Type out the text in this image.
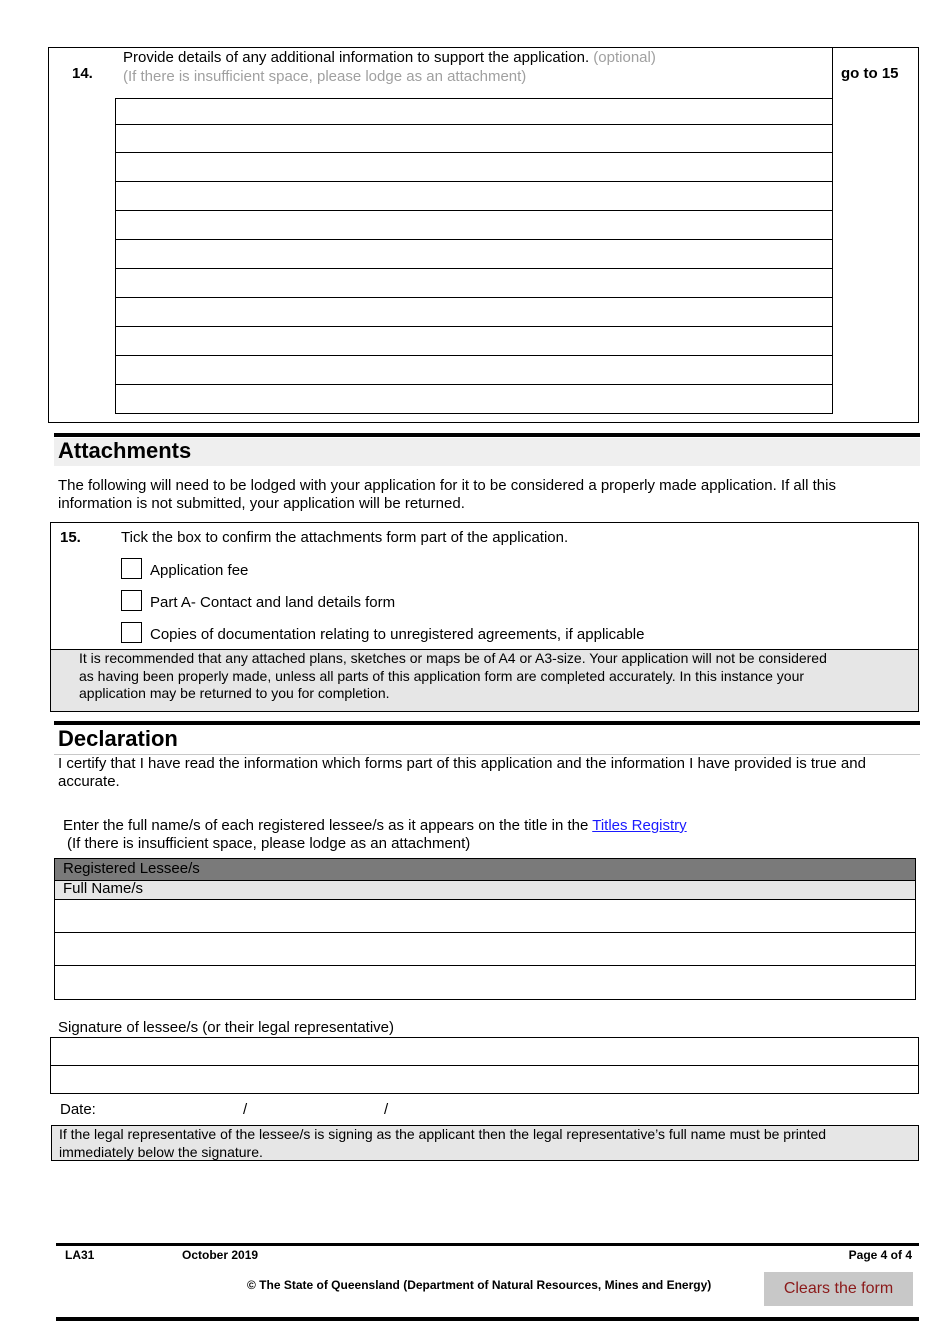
14.
Provide details of any additional information to support the application. (optional)
(If there is insufficient space, please lodge as an attachment)	go to 15
Attachments
The following will need to be lodged with your application for it to be considered a properly made application. If all this
information is not submitted, your application will be returned.
15.	Tick the box to confirm the attachments form part of the application.
Application fee
Part A- Contact and land details form
Copies of documentation relating to unregistered agreements, if applicable
It is recommended that any attached plans, sketches or maps be of A4 or A3-size. Your application will not be considered
as having been properly made, unless all parts of this application form are completed accurately. In this instance your
application may be returned to you for completion.
Declaration
I certify that I have read the information which forms part of this application and the information I have provided is true and
accurate.
Enter the full name/s of each registered lessee/s as it appears on the title in the Titles Registry
(If there is insufficient space, please lodge as an attachment)
Registered Lessee/s
Full Name/s
Signature of lessee/s (or their legal representative)
Date:	/	/
If the legal representative of the lessee/s is signing as the applicant then the legal representative’s full name must be printed
immediately below the signature.
LA31	October 2019	Page 4 of 4
© The State of Queensland (Department of Natural Resources, Mines and Energy)	Clears the form
